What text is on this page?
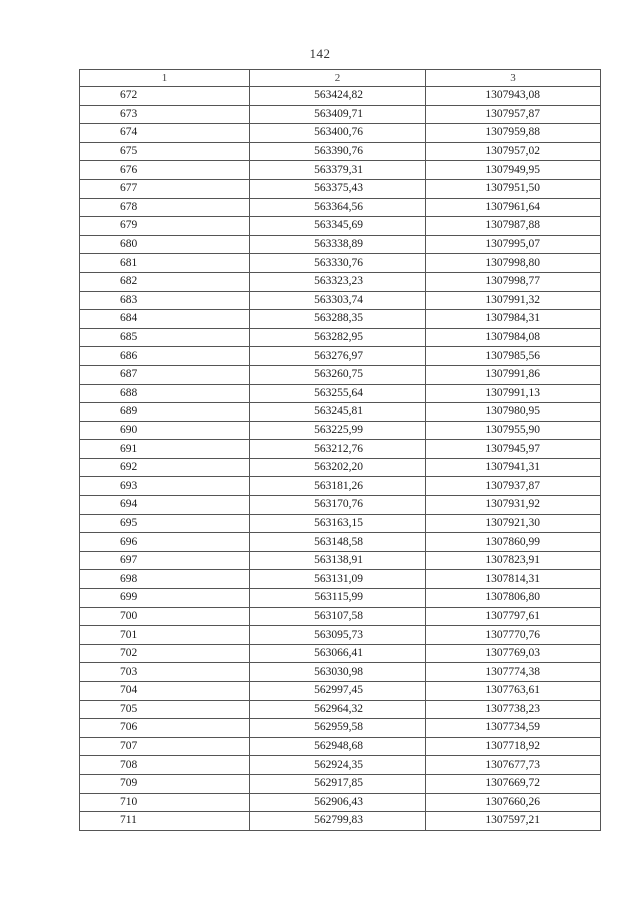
142
1	2	3
672	563424,82	1307943,08
673	563409,71	1307957,87
674	563400,76	1307959,88
675	563390,76	1307957,02
676	563379,31	1307949,95
677	563375,43	1307951,50
678	563364,56	1307961,64
679	563345,69	1307987,88
680	563338,89	1307995,07
681	563330,76	1307998,80
682	563323,23	1307998,77
683	563303,74	1307991,32
684	563288,35	1307984,31
685	563282,95	1307984,08
686	563276,97	1307985,56
687	563260,75	1307991,86
688	563255,64	1307991,13
689	563245,81	1307980,95
690	563225,99	1307955,90
691	563212,76	1307945,97
692	563202,20	1307941,31
693	563181,26	1307937,87
694	563170,76	1307931,92
695	563163,15	1307921,30
696	563148,58	1307860,99
697	563138,91	1307823,91
698	563131,09	1307814,31
699	563115,99	1307806,80
700	563107,58	1307797,61
701	563095,73	1307770,76
702	563066,41	1307769,03
703	563030,98	1307774,38
704	562997,45	1307763,61
705	562964,32	1307738,23
706	562959,58	1307734,59
707	562948,68	1307718,92
708	562924,35	1307677,73
709	562917,85	1307669,72
710	562906,43	1307660,26
711	562799,83	1307597,21
